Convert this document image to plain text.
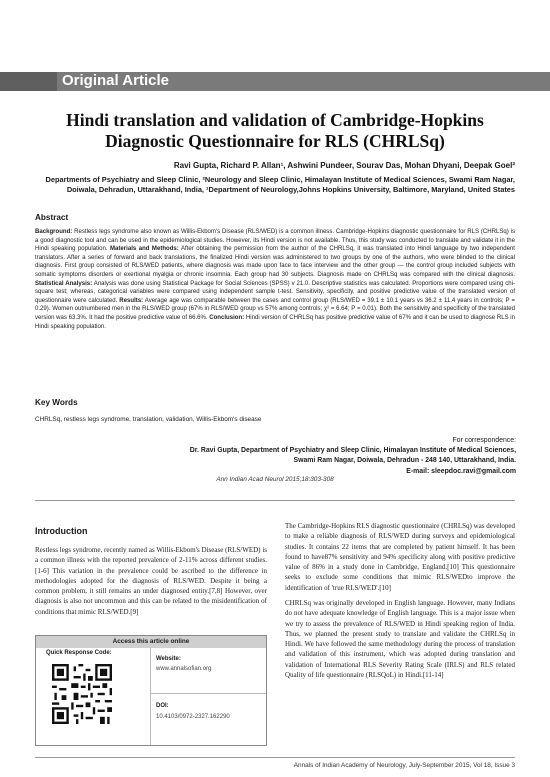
Original Article
Hindi translation and validation of Cambridge-Hopkins Diagnostic Questionnaire for RLS (CHRLSq)
Ravi Gupta, Richard P. Allan¹, Ashwini Pundeer, Sourav Das, Mohan Dhyani, Deepak Goel²
Departments of Psychiatry and Sleep Clinic, ²Neurology and Sleep Clinic, Himalayan Institute of Medical Sciences, Swami Ram Nagar, Doiwala, Dehradun, Uttarakhand, India, ¹Department of Neurology,Johns Hopkins University, Baltimore, Maryland, United States
Abstract
Background: Restless legs syndrome also known as Willis-Ekbom's Disease (RLS/WED) is a common illness. Cambridge-Hopkins diagnostic questionnaire for RLS (CHRLSq) is a good diagnostic tool and can be used in the epidemiological studies. However, its Hindi version is not available. Thus, this study was conducted to translate and validate it in the Hindi speaking population. Materials and Methods: After obtaining the permission from the author of the CHRLSq, it was translated into Hindi language by two independent translators. After a series of forward and back translations, the finalized Hindi version was administered to two groups by one of the authors, who were blinded to the clinical diagnosis. First group consisted of RLS/WED patients, where diagnosis was made upon face to face interview and the other group — the control group included subjects with somatic symptoms disorders or exertional myalgia or chronic insomnia. Each group had 30 subjects. Diagnosis made on CHRLSq was compared with the clinical diagnosis. Statistical Analysis: Analysis was done using Statistical Package for Social Sciences (SPSS) v 21.0. Descriptive statistics was calculated. Proportions were compared using chi-square test; whereas, categorical variables were compared using independent sample t-test. Sensitivity, specificity, and positive predictive value of the translated version of questionnaire were calculated. Results: Average age was comparable between the cases and control group (RLS/WED = 39.1 ± 10.1 years vs 36.2 ± 11.4 years in controls; P = 0.29). Women outnumbered men in the RLS/WED group (67% in RLS/WED group vs 57% among controls; χ² = 6.64; P = 0.01). Both the sensitivity and specificity of the translated version was 63.3%. It had the positive predictive value of 66.6%. Conclusion: Hindi version of CHRLSq has positive predictive value of 67% and it can be used to diagnose RLS in Hindi speaking population.
Key Words
CHRLSq, restless legs syndrome, translation, validation, Willis-Ekbom's disease
For correspondence:
Dr. Ravi Gupta, Department of Psychiatry and Sleep Clinic, Himalayan Institute of Medical Sciences,
Swami Ram Nagar, Doiwala, Dehradun - 248 140, Uttarakhand, India.
E-mail: sleepdoc.ravi@gmail.com
Ann Indian Acad Neurol 2015;18:303-308
Introduction
Restless legs syndrome, recently named as Willis-Ekbom's Disease (RLS/WED) is a common illness with the reported prevalence of 2-11% across different studies.[1-6] This variation in the prevalence could be ascribed to the difference in methodologies adopted for the diagnosis of RLS/WED. Despite it being a common problem, it still remains an under diagnosed entity.[7,8] However, over diagnosis is also not uncommon and this can be related to the misidentification of conditions that mimic RLS/WED.[9]
The Cambridge-Hopkins RLS diagnostic questionnaire (CHRLSq) was developed to make a reliable diagnosis of RLS/WED during surveys and epidemiological studies. It contains 22 items that are completed by patient himself. It has been found to have87% sensitivity and 94% specificity along with positive predictive value of 86% in a study done in Cambridge, England.[10] This questionnaire seeks to exclude some conditions that mimic RLS/WEDto improve the identification of 'true RLS/WED'.[10]
CHRLSq was originally developed in English language. However, many Indians do not have adequate knowledge of English language. This is a major issue when we try to assess the prevalence of RLS/WED in Hindi speaking region of India. Thus, we planned the present study to translate and validate the CHRLSq in Hindi. We have followed the same methodology during the process of translation and validation of this instrument, which was adopted during translation and validation of International RLS Severity Rating Scale (IRLS) and RLS related Quality of life questionnaire (RLSQoL) in Hindi.[11-14]
Access this article online
Quick Response Code:
Website:
www.annalsofian.org
DOI:
10.4103/0972-2327.162290
Annals of Indian Academy of Neurology, July-September 2015, Vol 18, Issue 3
